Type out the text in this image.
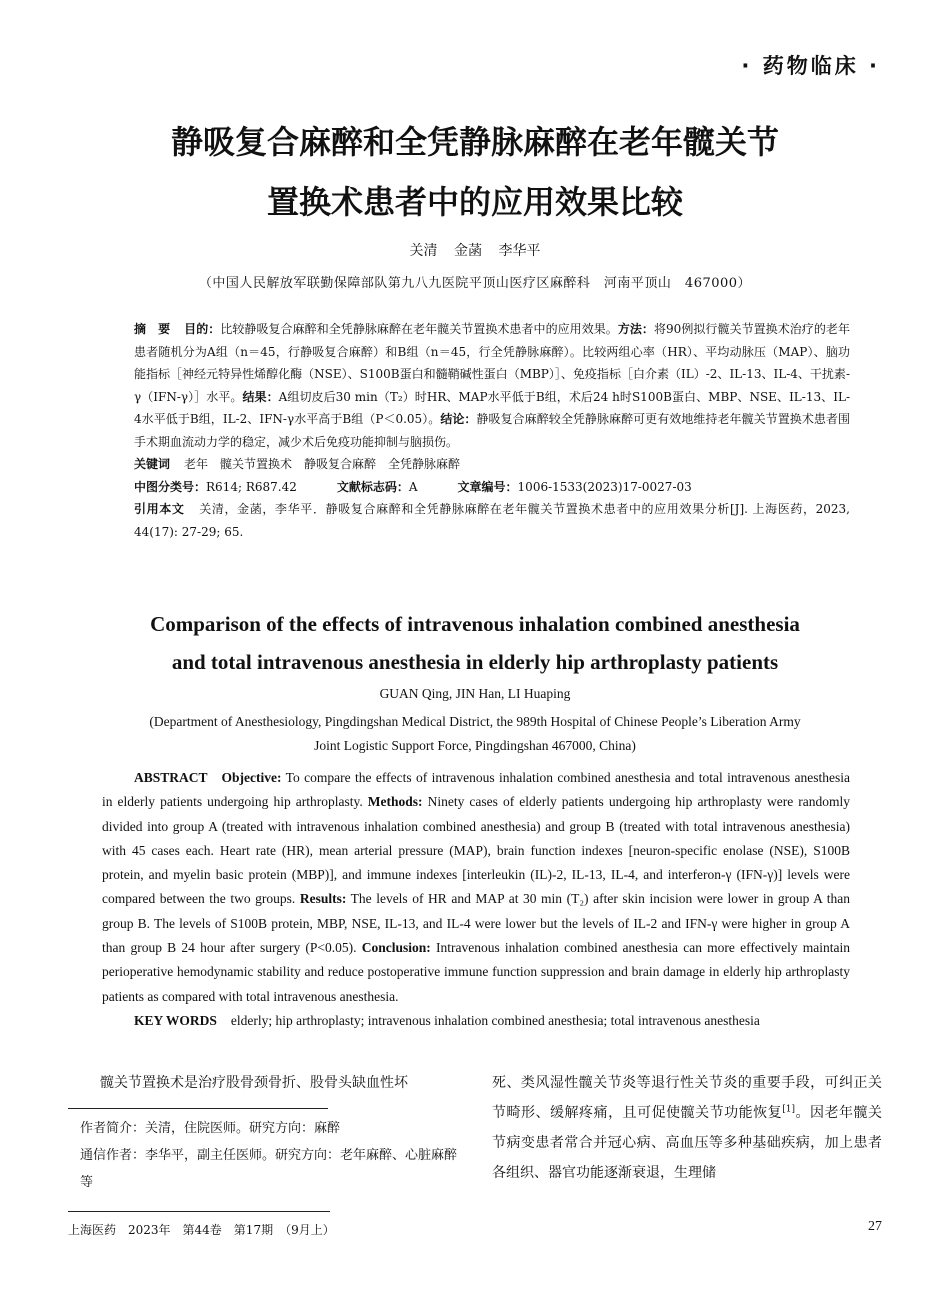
· 药物临床 ·
静吸复合麻醉和全凭静脉麻醉在老年髋关节
置换术患者中的应用效果比较
关清 金菡 李华平
（中国人民解放军联勤保障部队第九八九医院平顶山医疗区麻醉科　河南平顶山　467000）

摘　要 目的：比较静吸复合麻醉和全凭静脉麻醉在老年髋关节置换术患者中的应用效果。方法：将90例拟行髋关节置换术治疗的老年患者随机分为A组（n＝45，行静吸复合麻醉）和B组（n＝45，行全凭静脉麻醉）。比较两组心率（HR）、平均动脉压（MAP）、脑功能指标［神经元特异性烯醇化酶（NSE）、S100B蛋白和髓鞘碱性蛋白（MBP）］、免疫指标［白介素（IL）-2、IL-13、IL-4、干扰素-γ（IFN-γ）］水平。结果：A组切皮后30 min（T₂）时HR、MAP水平低于B组，术后24 h时S100B蛋白、MBP、NSE、IL-13、IL-4水平低于B组，IL-2、IFN-γ水平高于B组（P＜0.05）。结论：静吸复合麻醉较全凭静脉麻醉可更有效地维持老年髋关节置换术患者围手术期血流动力学的稳定，减少术后免疫功能抑制与脑损伤。

关键词 老年　髋关节置换术　静吸复合麻醉　全凭静脉麻醉

中图分类号：R614; R687.42	文献标志码：A	文章编号：1006-1533(2023)17-0027-03

引用本文 关清，金菡，李华平．静吸复合麻醉和全凭静脉麻醉在老年髋关节置换术患者中的应用效果分析[J]. 上海医药，2023, 44(17): 27-29; 65.

Comparison of the effects of intravenous inhalation combined anesthesia
and total intravenous anesthesia in elderly hip arthroplasty patients
GUAN Qing, JIN Han, LI Huaping
(Department of Anesthesiology, Pingdingshan Medical District, the 989th Hospital of Chinese People’s Liberation Army
Joint Logistic Support Force, Pingdingshan 467000, China)

ABSTRACT Objective: To compare the effects of intravenous inhalation combined anesthesia and total intravenous anesthesia in elderly patients undergoing hip arthroplasty. Methods: Ninety cases of elderly patients undergoing hip arthroplasty were randomly divided into group A (treated with intravenous inhalation combined anesthesia) and group B (treated with total intravenous anesthesia) with 45 cases each. Heart rate (HR), mean arterial pressure (MAP), brain function indexes [neuron-specific enolase (NSE), S100B protein, and myelin basic protein (MBP)], and immune indexes [interleukin (IL)-2, IL-13, IL-4, and interferon-γ (IFN-γ)] levels were compared between the two groups. Results: The levels of HR and MAP at 30 min (T₂) after skin incision were lower in group A than group B. The levels of S100B protein, MBP, NSE, IL-13, and IL-4 were lower but the levels of IL-2 and IFN-γ were higher in group A than group B 24 hour after surgery (P<0.05). Conclusion: Intravenous inhalation combined anesthesia can more effectively maintain perioperative hemodynamic stability and reduce postoperative immune function suppression and brain damage in elderly hip arthroplasty patients as compared with total intravenous anesthesia.

KEY WORDS elderly; hip arthroplasty; intravenous inhalation combined anesthesia; total intravenous anesthesia

髋关节置换术是治疗股骨颈骨折、股骨头缺血性坏
作者简介：关清，住院医师。研究方向：麻醉
通信作者：李华平，副主任医师。研究方向：老年麻醉、心脏麻醉等
死、类风湿性髋关节炎等退行性关节炎的重要手段，可纠正关节畸形、缓解疼痛，且可促使髋关节功能恢复[1]。因老年髋关节病变患者常合并冠心病、高血压等多种基础疾病，加上患者各组织、器官功能逐渐衰退，生理储
上海医药　2023年　第44卷　第17期　（9月上）	27
